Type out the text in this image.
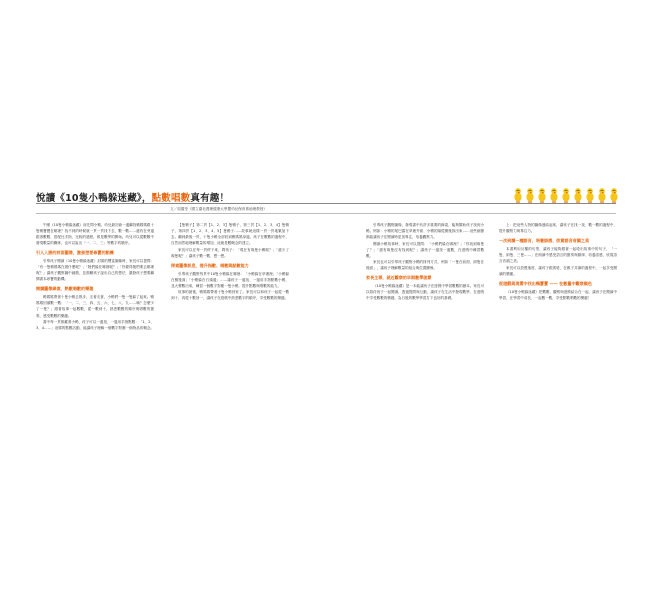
悅讀《10隻小鴨躲迷藏》，點數唱數真有趣！
文／周蕙瑩（國立臺北護理健康大學嬰幼兒保育系助理教授）

午睡《10隻小鴨躲迷藏》前先問小鴨。幼兒最初會一邊翻找鴨媽媽跟十隻鴨寶寶在哪裡？找不到的時候就一頁一頁找下去，數一數……還有在旁邊跟著數數、搭配比手指、比較的過程，都是數學的開始。幼兒可以從數數中發現數量的關係，也可以說出「一、二、三」等數字的順序。

引人入勝的封面圖像，激發想要尋寶的動機

引導孩子閱讀《10隻小鴨躲迷藏》封面的豐富圖像時，家長可以提問：「有一隻鴨媽媽在做什麼呢？」「牠們躲在哪裡呢？」「你覺得牠們要去哪裡呢？」讓孩子觀察圖中細節，並鼓勵孩子說出自己的想法，激發孩子想要翻開書本尋寶的動機。

閱讀圖像線索，熟數唱數的樂趣

鴨媽媽帶著十隻小鴨去散步，走著走著，小鴨們一隻一隻躲了起來。鴨媽媽回頭數一數：「一、二、三、四、五、六、七、八、九……咦？怎麼少了一隻？」跟著故事一起數數，從一數到十，熟悉數數的順序與唱數的節奏，感受數數的樂趣。

書中每一頁都藏著小鴨，孩子可以一邊找、一邊用手指點數：「1、2、3、4……」這樣的點數活動，能讓孩子理解一個數字對應一個物品的概念。

【隻鴨子】第二頁【1、2、3】隻鴨子，第三頁【1、2、3、4】隻鴨子，第四頁【1、2、3、4、5】隻鴨子……故事就這樣一頁一頁地累加下去。翻到最後一頁，十隻小鴨全部回到鴨媽媽身邊。孩子在數數的過程中，自然而然地理解數量的增加，這就是數概念的建立。

家長可以在每一頁停下來，問孩子：「現在有幾隻小鴨呢？」「還少了幾隻呢？」讓孩子數一數、想一想。

探索圖像訊息，提升指數、唱數與點數能力

引導孩子觀察每頁中10隻小鴨躲在哪裡：「小鴨躲在草叢裡」「小鴨躲在樹後面」「小鴨躲在石頭邊」……讓孩子一邊找、一邊用手指點數小鴨，並大聲數出來，練習一個數字對應一隻小鴨，提升點數與唱數的能力。

故事的最後，鴨媽媽帶著十隻小鴨回家了。家長可以和孩子一起從一數到十，再從十數回一，讓孩子在遊戲中熟悉數字的順序，享受數數的樂趣。

引導孩子觀察圖像，發現書中有許多重要的線索，能夠幫助孩子找到小鴨。例如：小鴨的尾巴露在草叢外面、小鴨的頭從樹後探出來……這些細節都能讓孩子在閱讀時更加專注，培養觀察力。

閱讀小鴨故事時，家長可以提問：「小鴨們躲在哪裡？」「你找到幾隻了？」「還有幾隻沒有找到呢？」讓孩子一邊找一邊數，在遊戲中練習數數。

家長也可以引導孩子觀察小鴨的排列方式，例如「一隻在前面，兩隻在後面」，讓孩子理解數量的組合與位置關係。

家長主導，就近觀察的早期數學啟蒙

《10隻小鴨躲迷藏》是一本能讓孩子在遊戲中學習數數的繪本。家長可以陪伴孩子一起閱讀，透過提問與互動，讓孩子在生活中發現數學，在遊戲中享受數數的樂趣，為日後的數學學習打下良好的基礎。

上：把這些人物的圖像連結起來，讓孩子在找一找、數一數的過程中，提升觀察力與專注力。

一次到讀一種語言，培養語感、欣賞語言音韻之美

本書利用反覆的句型，讓孩子能夠跟著一起唸出故事中的句子，「一隻、兩隻、三隻……」在朗讀中感受語言的節奏與韻律，培養語感，欣賞語言音韻之美。

家長可以放慢速度，讓孩子跟著唸，在親子共讀的過程中，一起享受閱讀的樂趣。

從遊戲與現實中找出鴨寶寶 —— 在數量中觀察顏色

《10隻小鴨躲迷藏》把數數、觀察與遊戲結合在一起，讓孩子在閱讀中學習，在學習中成長，一起數一數，享受點數唱數的樂趣！
